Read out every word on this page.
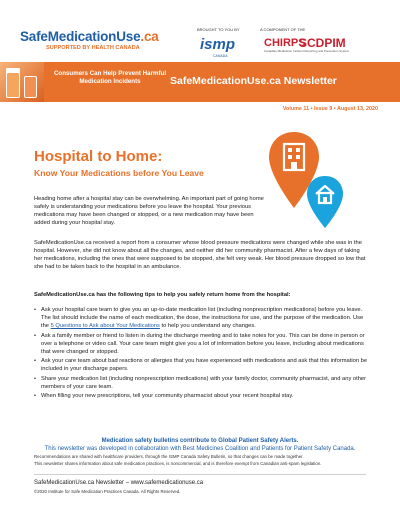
SafeMedicationUse.ca
SUPPORTED BY HEALTH CANADA
BROUGHT TO YOU BY
ismp
CANADA
A COMPONENT OF THE
CHIRPS
SCDPIM
Canadian Medication Incident Reporting and Prevention System
Consumers Can Help Prevent Harmful Medication Incidents	SafeMedicationUse.ca Newsletter
Volume 11 • Issue 9 • August 13, 2020
Hospital to Home:
Know Your Medications before You Leave
Heading home after a hospital stay can be overwhelming. An important part of going home safely is understanding your medications before you leave the hospital. Your previous medications may have been changed or stopped, or a new medication may have been added during your hospital stay.
SafeMedicationUse.ca received a report from a consumer whose blood pressure medications were changed while she was in the hospital. However, she did not know about all the changes, and neither did her community pharmacist. After a few days of taking her medications, including the ones that were supposed to be stopped, she felt very weak. Her blood pressure dropped so low that she had to be taken back to the hospital in an ambulance.
SafeMedicationUse.ca has the following tips to help you safely return home from the hospital:
• Ask your hospital care team to give you an up-to-date medication list (including nonprescription medications) before you leave. The list should include the name of each medication, the dose, the instructions for use, and the purpose of the medication. Use the 5 Questions to Ask about Your Medications to help you understand any changes.
• Ask a family member or friend to listen in during the discharge meeting and to take notes for you. This can be done in person or over a telephone or video call. Your care team might give you a lot of information before you leave, including about medications that were changed or stopped.
• Ask your care team about bad reactions or allergies that you have experienced with medications and ask that this information be included in your discharge papers.
• Share your medication list (including nonprescription medications) with your family doctor, community pharmacist, and any other members of your care team.
• When filling your new prescriptions, tell your community pharmacist about your recent hospital stay.
Medication safety bulletins contribute to Global Patient Safety Alerts.
This newsletter was developed in collaboration with Best Medicines Coalition and Patients for Patient Safety Canada.
Recommendations are shared with healthcare providers, through the ISMP Canada Safety Bulletin, so that changes can be made together.
This newsletter shares information about safe medication practices, is noncommercial, and is therefore exempt from Canadian anti-spam legislation.
SafeMedicationUse.ca Newsletter – www.safemedicationuse.ca
©2020 Institute for Safe Medication Practices Canada. All Rights Reserved.
